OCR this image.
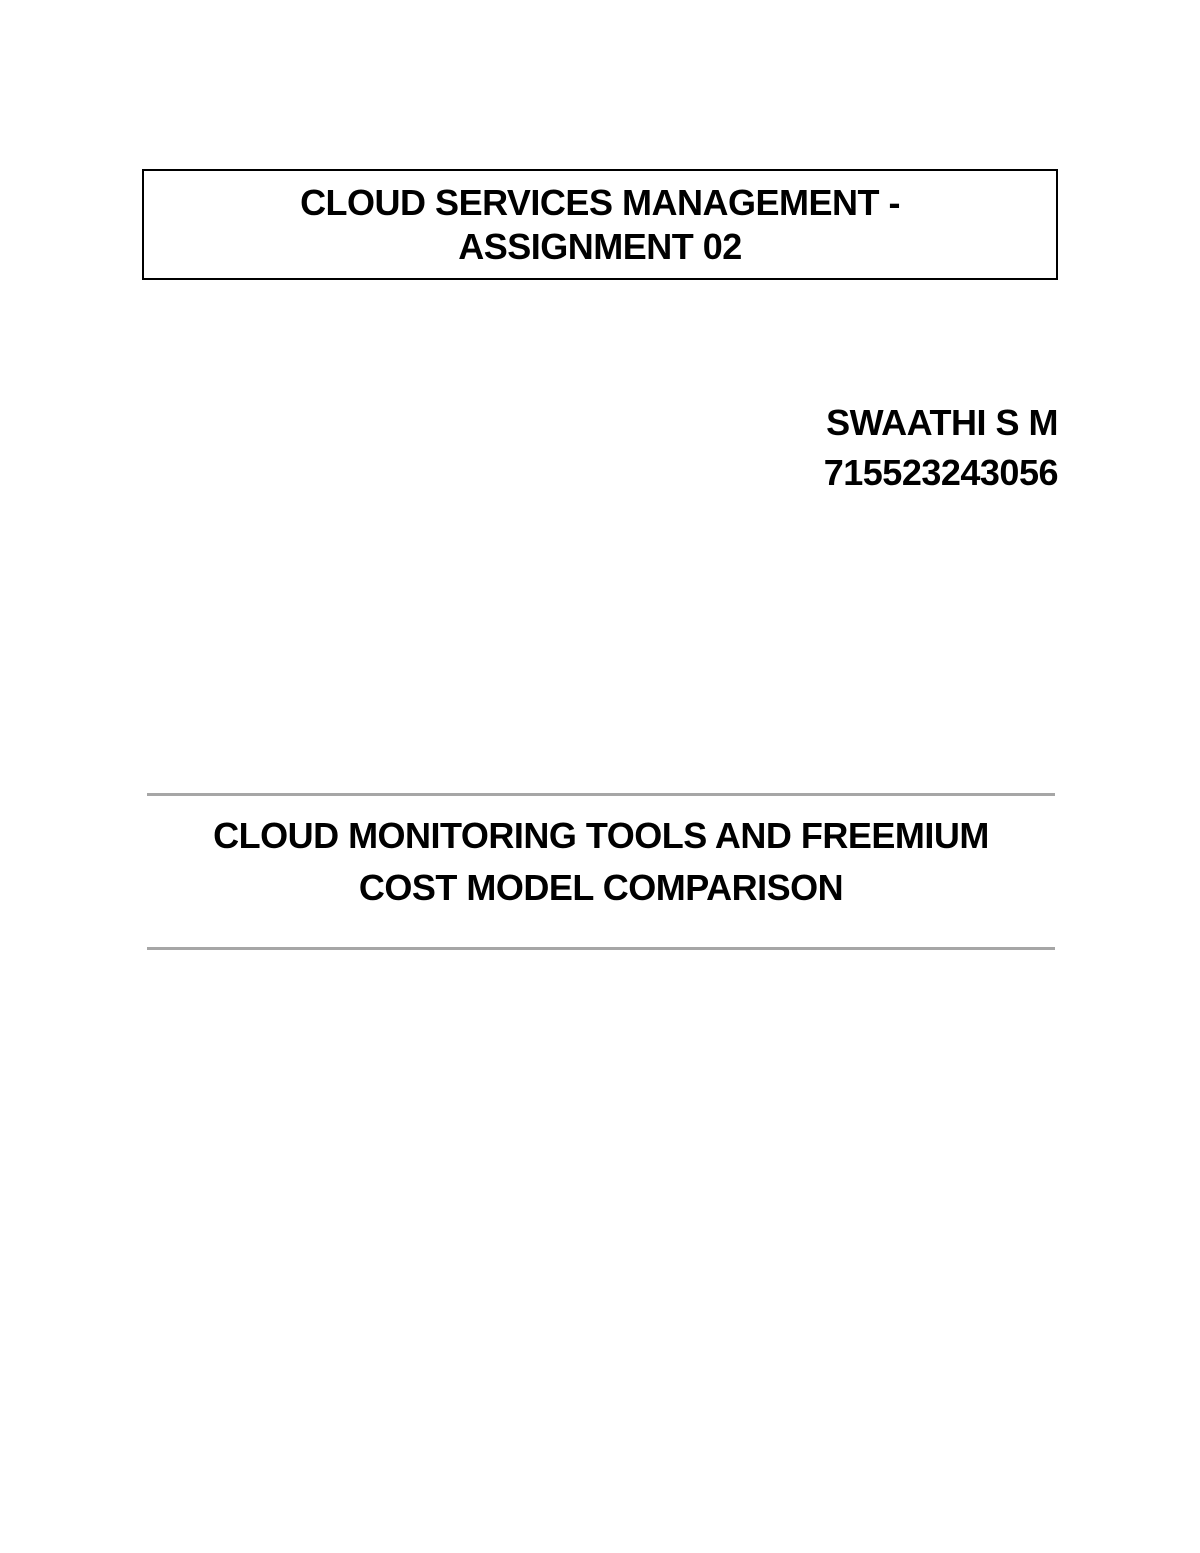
CLOUD SERVICES MANAGEMENT -
ASSIGNMENT 02
SWAATHI S M
715523243056
CLOUD MONITORING TOOLS AND FREEMIUM
COST MODEL COMPARISON
